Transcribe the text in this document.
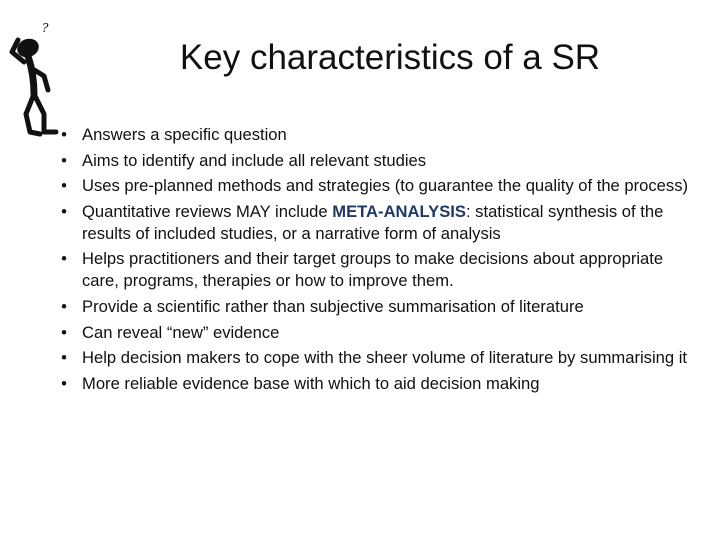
?
Key characteristics of a SR
• Answers a specific question
• Aims to identify and include all relevant studies
• Uses pre-planned methods and strategies (to guarantee the quality of the process)
• Quantitative reviews MAY include META-ANALYSIS: statistical synthesis of the results of included studies, or a narrative form of analysis
• Helps practitioners and their target groups to make decisions about appropriate care, programs, therapies or how to improve them.
• Provide a scientific rather than subjective summarisation of literature
• Can reveal “new” evidence
• Help decision makers to cope with the sheer volume of literature by summarising it
• More reliable evidence base with which to aid decision making
